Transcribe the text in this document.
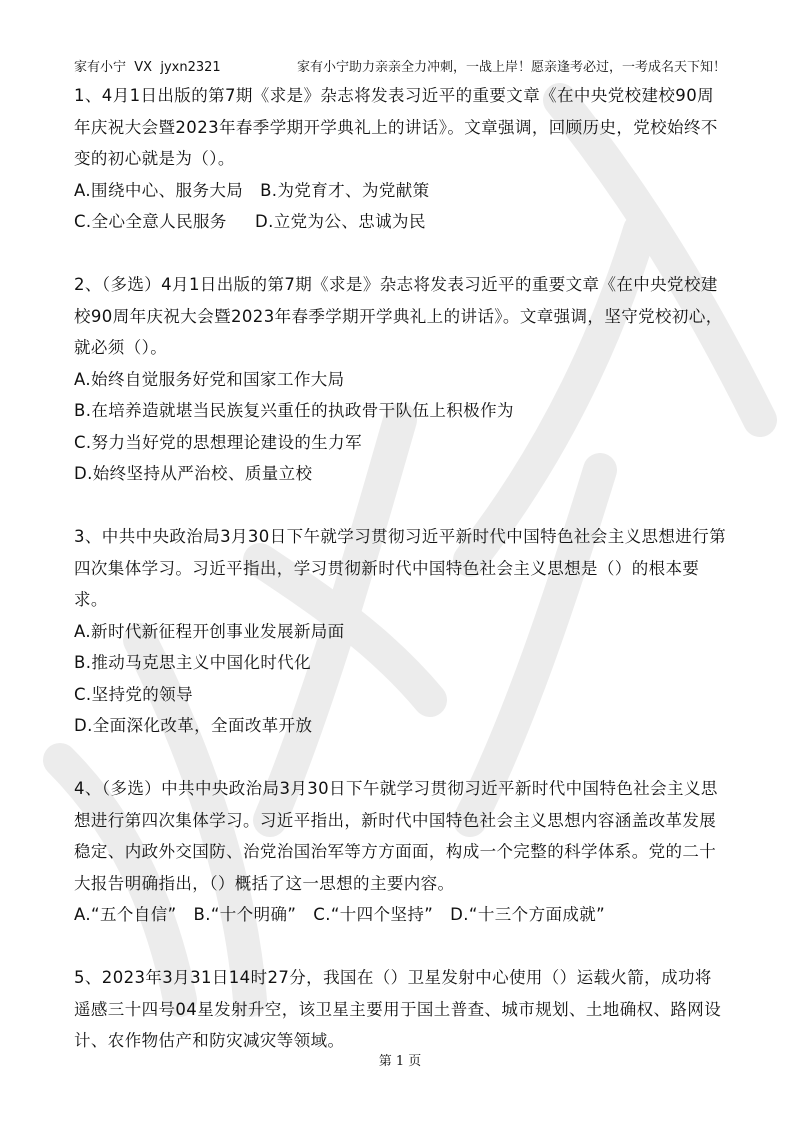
家有小宁  VX  jyxn2321	家有小宁助力亲亲全力冲刺，一战上岸！愿亲逢考必过，一考成名天下知！

1、4月1日出版的第7期《求是》杂志将发表习近平的重要文章《在中央党校建校90周年庆祝大会暨2023年春季学期开学典礼上的讲话》。文章强调，回顾历史，党校始终不变的初心就是为（）。

A.围绕中心、服务大局   B.为党育才、为党献策

C.全心全意人民服务     D.立党为公、忠诚为民

2、（多选）4月1日出版的第7期《求是》杂志将发表习近平的重要文章《在中央党校建校90周年庆祝大会暨2023年春季学期开学典礼上的讲话》。文章强调，坚守党校初心，就必须（）。

A.始终自觉服务好党和国家工作大局

B.在培养造就堪当民族复兴重任的执政骨干队伍上积极作为

C.努力当好党的思想理论建设的生力军

D.始终坚持从严治校、质量立校

3、中共中央政治局3月30日下午就学习贯彻习近平新时代中国特色社会主义思想进行第四次集体学习。习近平指出，学习贯彻新时代中国特色社会主义思想是（）的根本要求。

A.新时代新征程开创事业发展新局面

B.推动马克思主义中国化时代化

C.坚持党的领导

D.全面深化改革，全面改革开放

4、（多选）中共中央政治局3月30日下午就学习贯彻习近平新时代中国特色社会主义思想进行第四次集体学习。习近平指出，新时代中国特色社会主义思想内容涵盖改革发展稳定、内政外交国防、治党治国治军等方方面面，构成一个完整的科学体系。党的二十大报告明确指出，（）概括了这一思想的主要内容。

A.“五个自信”   B.“十个明确”   C.“十四个坚持”   D.“十三个方面成就”

5、2023年3月31日14时27分，我国在（）卫星发射中心使用（）运载火箭，成功将遥感三十四号04星发射升空，该卫星主要用于国土普查、城市规划、土地确权、路网设计、农作物估产和防灾减灾等领域。

第 1 页
